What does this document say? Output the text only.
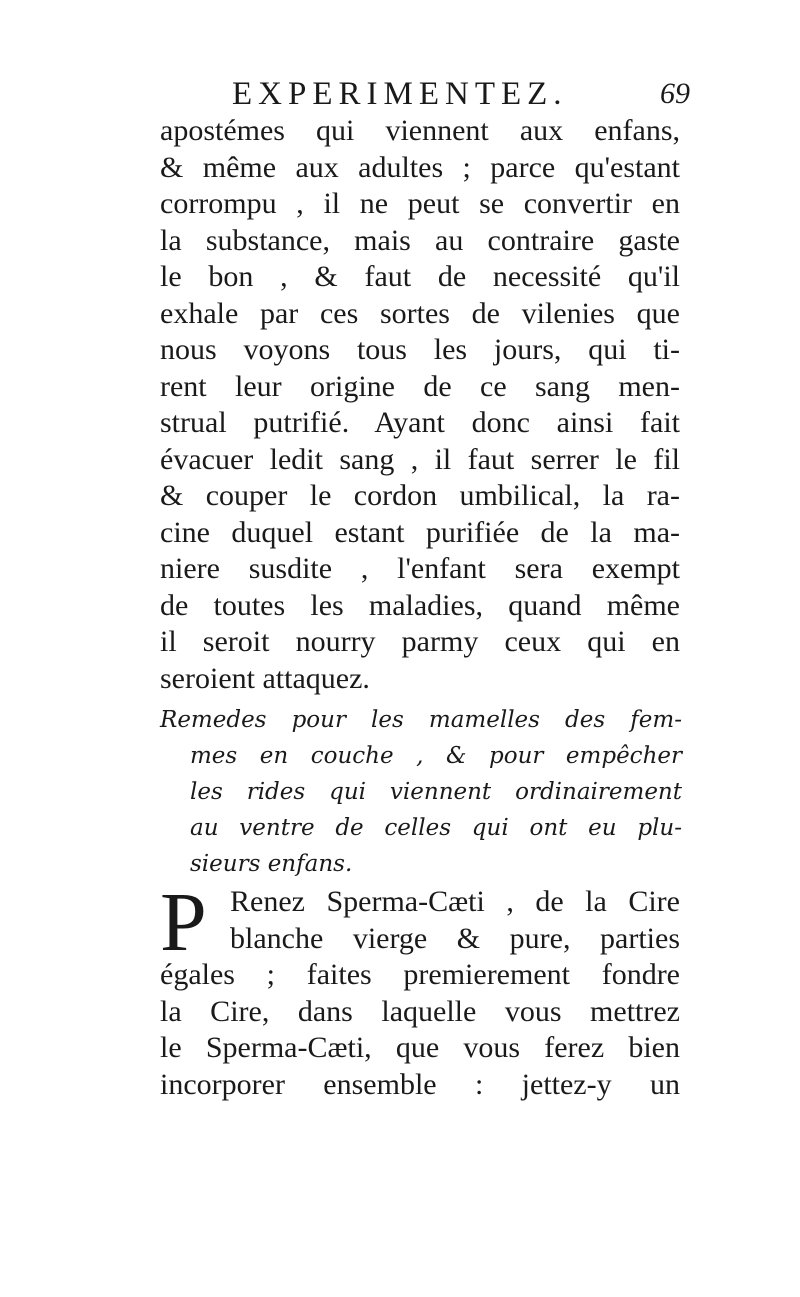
EXPERIMENTEZ.	69
apostémes qui viennent aux enfans,
& même aux adultes ; parce qu'estant
corrompu , il ne peut se convertir en
la substance, mais au contraire gaste
le bon , & faut de necessité qu'il
exhale par ces sortes de vilenies que
nous voyons tous les jours, qui ti-
rent leur origine de ce sang men-
strual putrifié. Ayant donc ainsi fait
évacuer ledit sang , il faut serrer le fil
& couper le cordon umbilical, la ra-
cine duquel estant purifiée de la ma-
niere susdite , l'enfant sera exempt
de toutes les maladies, quand même
il seroit nourry parmy ceux qui en
seroient attaquez.
Remedes pour les mamelles des fem-
mes en couche , & pour empêcher
les rides qui viennent ordinairement
au ventre de celles qui ont eu plu-
sieurs enfans.
P Renez Sperma-Cæti , de la Cire
blanche vierge & pure, parties
égales ; faites premierement fondre
la Cire, dans laquelle vous mettrez
le Sperma-Cæti, que vous ferez bien
incorporer ensemble : jettez-y un
